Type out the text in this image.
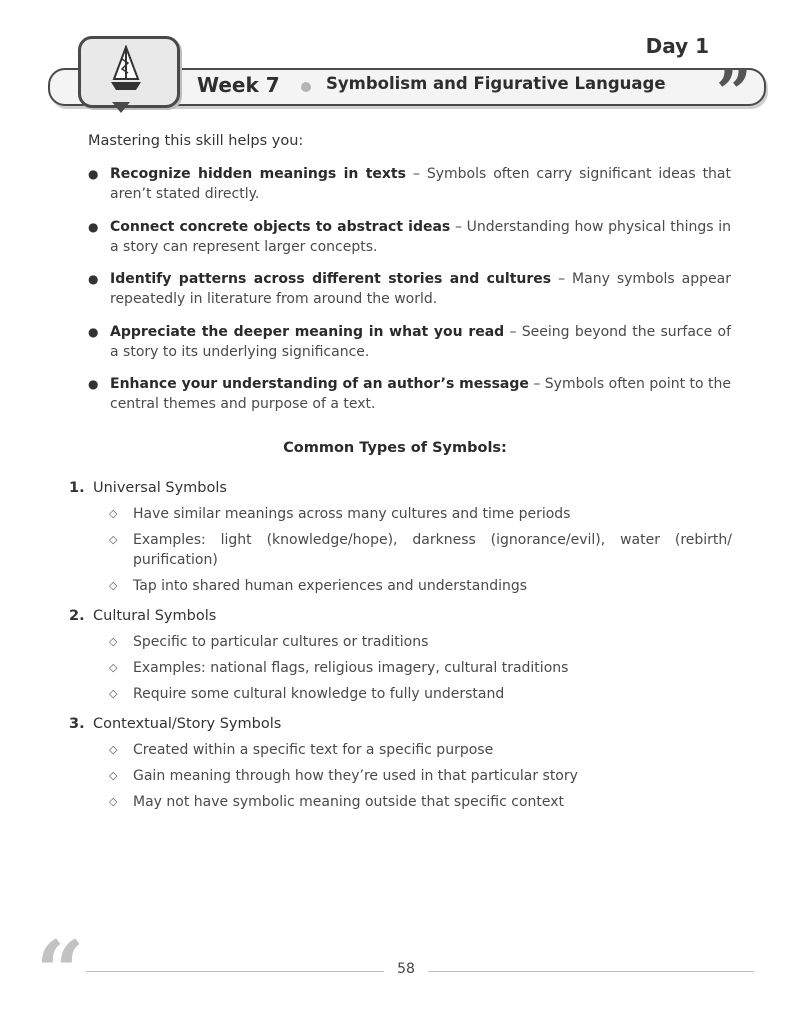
Day 1
Week 7	Symbolism and Figurative Language ”
Mastering this skill helps you:
● Recognize hidden meanings in texts – Symbols often carry significant ideas that aren’t stated directly.
● Connect concrete objects to abstract ideas – Understanding how physical things in a story can represent larger concepts.
● Identify patterns across different stories and cultures – Many symbols appear repeatedly in literature from around the world.
● Appreciate the deeper meaning in what you read – Seeing beyond the surface of a story to its underlying significance.
● Enhance your understanding of an author’s message – Symbols often point to the central themes and purpose of a text.
Common Types of Symbols:
1. Universal Symbols
◇ Have similar meanings across many cultures and time periods
◇ Examples: light (knowledge/hope), darkness (ignorance/evil), water (rebirth/ purification)
◇ Tap into shared human experiences and understandings
2. Cultural Symbols
◇ Specific to particular cultures or traditions
◇ Examples: national flags, religious imagery, cultural traditions
◇ Require some cultural knowledge to fully understand
3. Contextual/Story Symbols
◇ Created within a specific text for a specific purpose
◇ Gain meaning through how they’re used in that particular story
◇ May not have symbolic meaning outside that specific context
“	58
